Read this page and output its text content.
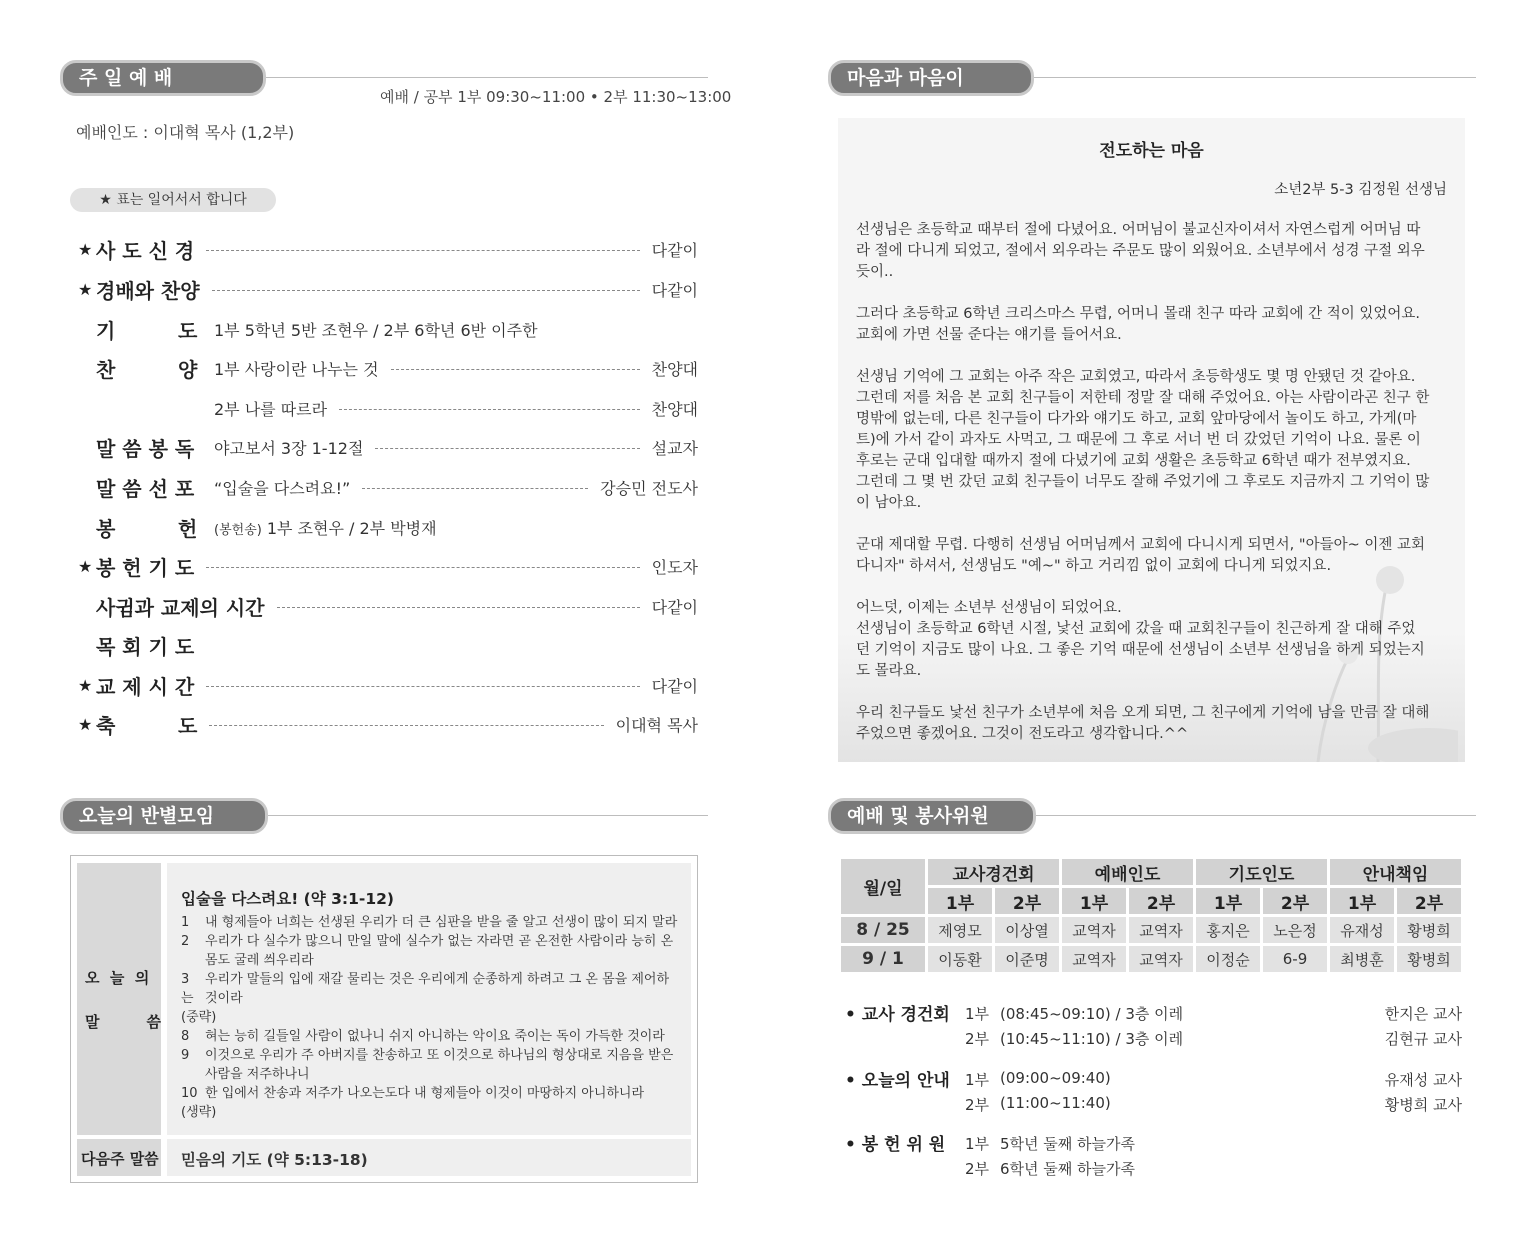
주 일 예 배
예배 / 공부 1부 09:30~11:00 • 2부 11:30~13:00
예배인도 : 이대혁 목사 (1,2부)
★ 표는 일어서서 합니다
★ 사 도 신 경	다같이
★ 경배와 찬양	다같이
기         도	1부 5학년 5반 조현우 / 2부 6학년 6반 이주한
찬         양	1부 사랑이란 나누는 것	찬양대
2부 나를 따르라	찬양대
말 씀 봉 독	야고보서 3장 1-12절	설교자
말 씀 선 포	“입술을 다스려요!”	강승민 전도사
봉         헌	(봉헌송) 1부 조현우 / 2부 박병재
★ 봉 헌 기 도	인도자
사귐과 교제의 시간	다같이
목 회 기 도
★ 교 제 시 간	다같이
★ 축         도	이대혁 목사
오늘의 반별모임
오  늘  의
말         씀
입술을 다스려요! (약 3:1-12)
1 내 형제들아 너희는 선생된 우리가 더 큰 심판을 받을 줄 알고 선생이 많이 되지 말라
2 우리가 다 실수가 많으니 만일 말에 실수가 없는 자라면 곧 온전한 사람이라 능히 온
몸도 굴레 씌우리라
3 우리가 말들의 입에 재갈 물리는 것은 우리에게 순종하게 하려고 그 온 몸을 제어하는 것이라
(중략)
8 혀는 능히 길들일 사람이 없나니 쉬지 아니하는 악이요 죽이는 독이 가득한 것이라
9 이것으로 우리가 주 아버지를 찬송하고 또 이것으로 하나님의 형상대로 지음을 받은
사람을 저주하나니
10 한 입에서 찬송과 저주가 나오는도다 내 형제들아 이것이 마땅하지 아니하니라
(생략)
다음주 말씀 믿음의 기도 (약 5:13-18)
마음과 마음이
전도하는 마음
소년2부 5-3 김정원 선생님

선생님은 초등학교 때부터 절에 다녔어요. 어머님이 불교신자이셔서 자연스럽게 어머님 따

라 절에 다니게 되었고, 절에서 외우라는 주문도 많이 외웠어요. 소년부에서 성경 구절 외우

듯이..

그러다 초등학교 6학년 크리스마스 무렵, 어머니 몰래 친구 따라 교회에 간 적이 있었어요.

교회에 가면 선물 준다는 얘기를 들어서요.

선생님 기억에 그 교회는 아주 작은 교회였고, 따라서 초등학생도 몇 명 안됐던 것 같아요.

그런데 저를 처음 본 교회 친구들이 저한테 정말 잘 대해 주었어요. 아는 사람이라곤 친구 한

명밖에 없는데, 다른 친구들이 다가와 얘기도 하고, 교회 앞마당에서 놀이도 하고, 가게(마

트)에 가서 같이 과자도 사먹고, 그 때문에 그 후로 서너 번 더 갔었던 기억이 나요. 물론 이

후로는 군대 입대할 때까지 절에 다녔기에 교회 생활은 초등학교 6학년 때가 전부였지요.

그런데 그 몇 번 갔던 교회 친구들이 너무도 잘해 주었기에 그 후로도 지금까지 그 기억이 많

이 남아요.

군대 제대할 무렵. 다행히 선생님 어머님께서 교회에 다니시게 되면서, "아들아~ 이젠 교회

다니자" 하셔서, 선생님도 "예~" 하고 거리낌 없이 교회에 다니게 되었지요.

어느덧, 이제는 소년부 선생님이 되었어요.

선생님이 초등학교 6학년 시절, 낯선 교회에 갔을 때 교회친구들이 친근하게 잘 대해 주었

던 기억이 지금도 많이 나요. 그 좋은 기억 때문에 선생님이 소년부 선생님을 하게 되었는지

도 몰라요.

우리 친구들도 낯선 친구가 소년부에 처음 오게 되면, 그 친구에게 기억에 남을 만큼 잘 대해

주었으면 좋겠어요. 그것이 전도라고 생각합니다.^^

예배 및 봉사위원
월/일	교사경건회		예배인도		기도인도		안내책임	
	1부	2부	1부	2부	1부	2부	1부	2부
8 / 25	제영모	이상열	교역자	교역자	홍지은	노은정	유재성	황병희
9 / 1	이동환	이준명	교역자	교역자	이정순	6-9	최병훈	황병희
• 교사 경건회 1부 (08:45~09:10) / 3층 이레	한지은 교사
2부 (10:45~11:10) / 3층 이레	김현규 교사
• 오늘의 안내 1부 (09:00~09:40)	유재성 교사
2부 (11:00~11:40)	황병희 교사
• 봉 헌 위 원 1부 5학년 둘째 하늘가족
2부 6학년 둘째 하늘가족
